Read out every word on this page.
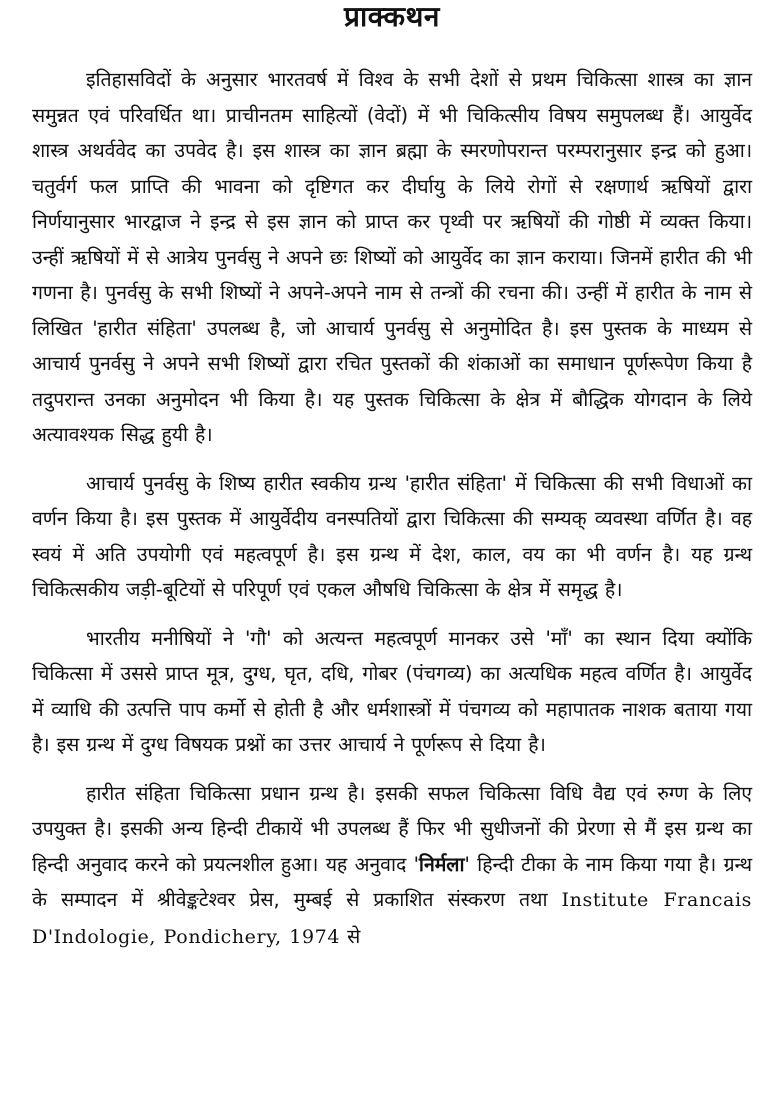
प्राक्कथन

इतिहासविदों के अनुसार भारतवर्ष में विश्व के सभी देशों से प्रथम चिकित्सा शास्त्र का ज्ञान समुन्नत एवं परिवर्धित था। प्राचीनतम साहित्यों (वेदों) में भी चिकित्सीय विषय समुपलब्ध हैं। आयुर्वेद शास्त्र अथर्ववेद का उपवेद है। इस शास्त्र का ज्ञान ब्रह्मा के स्मरणोपरान्त परम्परानुसार इन्द्र को हुआ। चतुर्वर्ग फल प्राप्ति की भावना को दृष्टिगत कर दीर्घायु के लिये रोगों से रक्षणार्थ ऋषियों द्वारा निर्णयानुसार भारद्वाज ने इन्द्र से इस ज्ञान को प्राप्त कर पृथ्वी पर ऋषियों की गोष्ठी में व्यक्त किया। उन्हीं ऋषियों में से आत्रेय पुनर्वसु ने अपने छः शिष्यों को आयुर्वेद का ज्ञान कराया। जिनमें हारीत की भी गणना है। पुनर्वसु के सभी शिष्यों ने अपने-अपने नाम से तन्त्रों की रचना की। उन्हीं में हारीत के नाम से लिखित 'हारीत संहिता' उपलब्ध है, जो आचार्य पुनर्वसु से अनुमोदित है। इस पुस्तक के माध्यम से आचार्य पुनर्वसु ने अपने सभी शिष्यों द्वारा रचित पुस्तकों की शंकाओं का समाधान पूर्णरूपेण किया है तदुपरान्त उनका अनुमोदन भी किया है। यह पुस्तक चिकित्सा के क्षेत्र में बौद्धिक योगदान के लिये अत्यावश्यक सिद्ध हुयी है।

आचार्य पुनर्वसु के शिष्य हारीत स्वकीय ग्रन्थ 'हारीत संहिता' में चिकित्सा की सभी विधाओं का वर्णन किया है। इस पुस्तक में आयुर्वेदीय वनस्पतियों द्वारा चिकित्सा की सम्यक् व्यवस्था वर्णित है। वह स्वयं में अति उपयोगी एवं महत्वपूर्ण है। इस ग्रन्थ में देश, काल, वय का भी वर्णन है। यह ग्रन्थ चिकित्सकीय जड़ी-बूटियों से परिपूर्ण एवं एकल औषधि चिकित्सा के क्षेत्र में समृद्ध है।

भारतीय मनीषियों ने 'गौ' को अत्यन्त महत्वपूर्ण मानकर उसे 'माँ' का स्थान दिया क्योंकि चिकित्सा में उससे प्राप्त मूत्र, दुग्ध, घृत, दधि, गोबर (पंचगव्य) का अत्यधिक महत्व वर्णित है। आयुर्वेद में व्याधि की उत्पत्ति पाप कर्मो से होती है और धर्मशास्त्रों में पंचगव्य को महापातक नाशक बताया गया है। इस ग्रन्थ में दुग्ध विषयक प्रश्नों का उत्तर आचार्य ने पूर्णरूप से दिया है।

हारीत संहिता चिकित्सा प्रधान ग्रन्थ है। इसकी सफल चिकित्सा विधि वैद्य एवं रुग्ण के लिए उपयुक्त है। इसकी अन्य हिन्दी टीकायें भी उपलब्ध हैं फिर भी सुधीजनों की प्रेरणा से मैं इस ग्रन्थ का हिन्दी अनुवाद करने को प्रयत्नशील हुआ। यह अनुवाद 'निर्मला' हिन्दी टीका के नाम किया गया है। ग्रन्थ के सम्पादन में श्रीवेङ्कटेश्वर प्रेस, मुम्बई से प्रकाशित संस्करण तथा Institute Francais D'Indologie, Pondichery, 1974 से
